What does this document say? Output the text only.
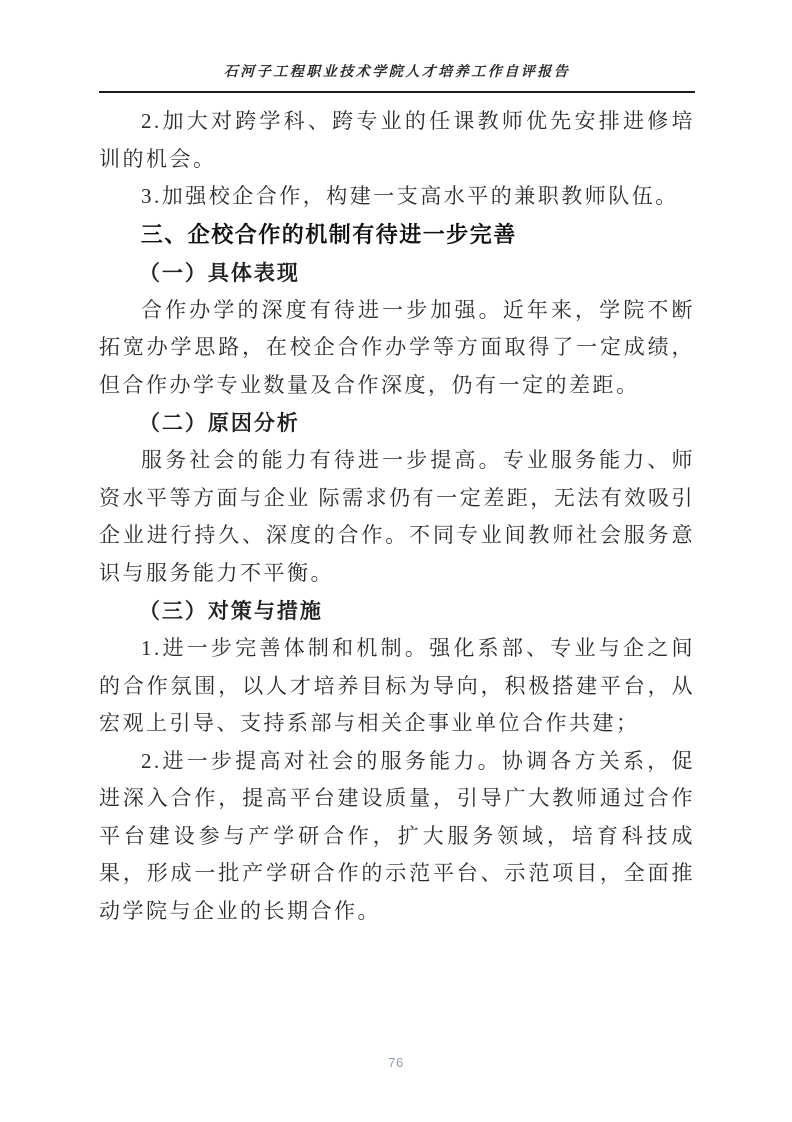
石河子工程职业技术学院人才培养工作自评报告

2.加大对跨学科、跨专业的任课教师优先安排进修培训的机会。

3.加强校企合作，构建一支高水平的兼职教师队伍。

三、企校合作的机制有待进一步完善

（一）具体表现

合作办学的深度有待进一步加强。近年来，学院不断拓宽办学思路，在校企合作办学等方面取得了一定成绩，但合作办学专业数量及合作深度，仍有一定的差距。

（二）原因分析

服务社会的能力有待进一步提高。专业服务能力、师资水平等方面与企业 际需求仍有一定差距，无法有效吸引企业进行持久、深度的合作。不同专业间教师社会服务意识与服务能力不平衡。

（三）对策与措施

1.进一步完善体制和机制。强化系部、专业与企之间的合作氛围，以人才培养目标为导向，积极搭建平台，从宏观上引导、支持系部与相关企事业单位合作共建；

2.进一步提高对社会的服务能力。协调各方关系，促进深入合作，提高平台建设质量，引导广大教师通过合作平台建设参与产学研合作，扩大服务领域，培育科技成果，形成一批产学研合作的示范平台、示范项目，全面推动学院与企业的长期合作。

76
